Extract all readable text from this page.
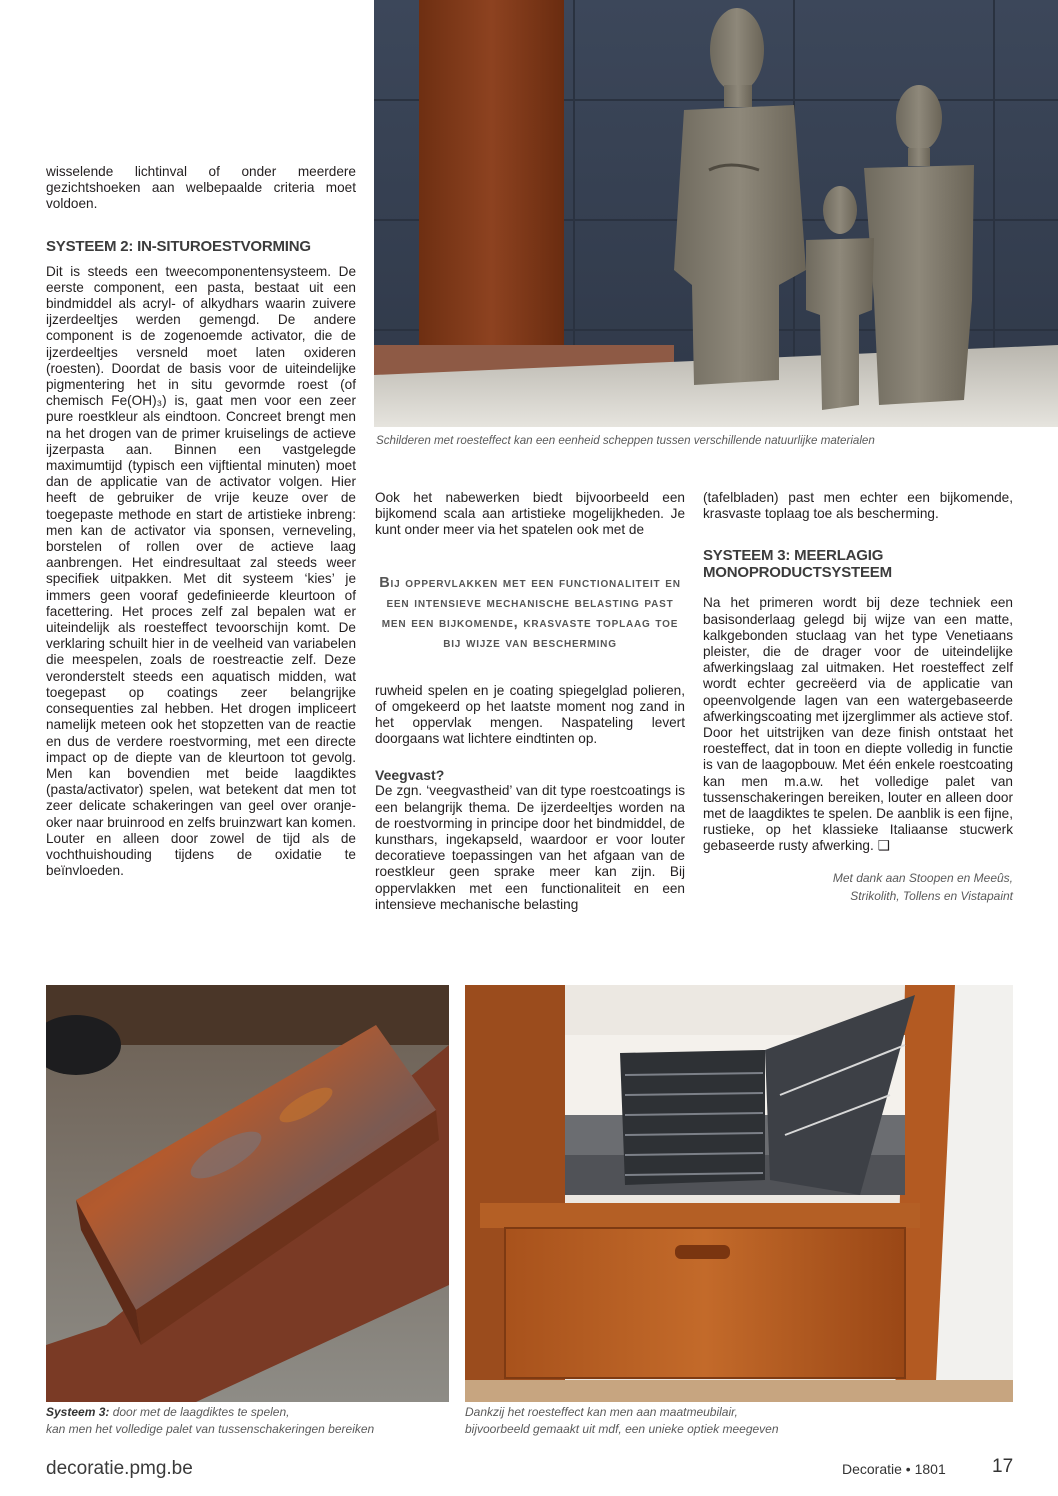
Schilderen met roesteffect kan een eenheid scheppen tussen verschillende natuurlijke materialen

wisselende lichtinval of onder meerdere gezichtshoeken aan welbepaalde criteria moet voldoen.

SYSTEEM 2: IN-SITUROESTVORMING

Dit is steeds een tweecomponentensysteem. De eerste component, een pasta, bestaat uit een bindmiddel als acryl- of alkydhars waarin zuivere ijzerdeeltjes werden gemengd. De andere component is de zogenoemde activator, die de ijzerdeeltjes versneld moet laten oxideren (roesten). Doordat de basis voor de uiteindelijke pigmentering het in situ gevormde roest (of chemisch Fe(OH)₃) is, gaat men voor een zeer pure roestkleur als eindtoon. Concreet brengt men na het drogen van de primer kruiselings de actieve ijzerpasta aan. Binnen een vastgelegde maximumtijd (typisch een vijftiental minuten) moet dan de applicatie van de activator volgen. Hier heeft de gebruiker de vrije keuze over de toegepaste methode en start de artistieke inbreng: men kan de activator via sponsen, verneveling, borstelen of rollen over de actieve laag aanbrengen. Het eindresultaat zal steeds weer specifiek uitpakken. Met dit systeem ‘kies’ je immers geen vooraf gedefinieerde kleurtoon of facettering. Het proces zelf zal bepalen wat er uiteindelijk als roesteffect tevoorschijn komt. De verklaring schuilt hier in de veelheid van variabelen die meespelen, zoals de roestreactie zelf. Deze veronderstelt steeds een aquatisch midden, wat toegepast op coatings zeer belangrijke consequenties zal hebben. Het drogen impliceert namelijk meteen ook het stopzetten van de reactie en dus de verdere roestvorming, met een directe impact op de diepte van de kleurtoon tot gevolg. Men kan bovendien met beide laagdiktes (pasta/activator) spelen, wat betekent dat men tot zeer delicate schakeringen van geel over oranje-oker naar bruinrood en zelfs bruinzwart kan komen. Louter en alleen door zowel de tijd als de vochthuishouding tijdens de oxidatie te beïnvloeden.

Ook het nabewerken biedt bijvoorbeeld een bijkomend scala aan artistieke mogelijkheden. Je kunt onder meer via het spatelen ook met de

Bij oppervlakken met een functionaliteit en een intensieve mechanische belasting past men een bijkomende, krasvaste toplaag toe bij wijze van bescherming

ruwheid spelen en je coating spiegelglad polieren, of omgekeerd op het laatste moment nog zand in het oppervlak mengen. Naspateling levert doorgaans wat lichtere eindtinten op.

Veegvast?

De zgn. ‘veegvastheid’ van dit type roestcoatings is een belangrijk thema. De ijzerdeeltjes worden na de roestvorming in principe door het bindmiddel, de kunsthars, ingekapseld, waardoor er voor louter decoratieve toepassingen van het afgaan van de roestkleur geen sprake meer kan zijn. Bij oppervlakken met een functionaliteit en een intensieve mechanische belasting

(tafelbladen) past men echter een bijkomende, krasvaste toplaag toe als bescherming.

SYSTEEM 3: MEERLAGIG MONOPRODUCTSYSTEEM

Na het primeren wordt bij deze techniek een basisonderlaag gelegd bij wijze van een matte, kalkgebonden stuclaag van het type Venetiaans pleister, die de drager voor de uiteindelijke afwerkingslaag zal uitmaken. Het roesteffect zelf wordt echter gecreëerd via de applicatie van opeenvolgende lagen van een watergebaseerde afwerkingscoating met ijzerglimmer als actieve stof. Door het uitstrijken van deze finish ontstaat het roesteffect, dat in toon en diepte volledig in functie is van de laagopbouw. Met één enkele roestcoating kan men m.a.w. het volledige palet van tussenschakeringen bereiken, louter en alleen door met de laagdiktes te spelen. De aanblik is een fijne, rustieke, op het klassieke Italiaanse stucwerk gebaseerde rusty afwerking. ❑

Met dank aan Stoopen en Meeûs,
Strikolith, Tollens en Vistapaint
Systeem 3: door met de laagdiktes te spelen,
kan men het volledige palet van tussenschakeringen bereiken
Dankzij het roesteffect kan men aan maatmeubilair,
bijvoorbeeld gemaakt uit mdf, een unieke optiek meegeven
decoratie.pmg.be	Decoratie • 1801 17
